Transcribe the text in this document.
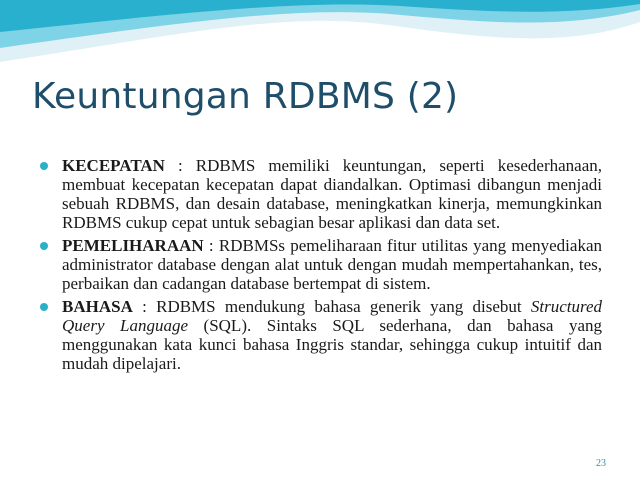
Keuntungan RDBMS (2)
KECEPATAN : RDBMS memiliki keuntungan, seperti kesederhanaan, membuat kecepatan kecepatan dapat diandalkan. Optimasi dibangun menjadi sebuah RDBMS, dan desain database, meningkatkan kinerja, memungkinkan RDBMS cukup cepat untuk sebagian besar aplikasi dan data set.
PEMELIHARAAN : RDBMSs pemeliharaan fitur utilitas yang menyediakan administrator database dengan alat untuk dengan mudah mempertahankan, tes, perbaikan dan cadangan database bertempat di sistem.
BAHASA : RDBMS mendukung bahasa generik yang disebut Structured Query Language (SQL). Sintaks SQL sederhana, dan bahasa yang menggunakan kata kunci bahasa Inggris standar, sehingga cukup intuitif dan mudah dipelajari.
23
